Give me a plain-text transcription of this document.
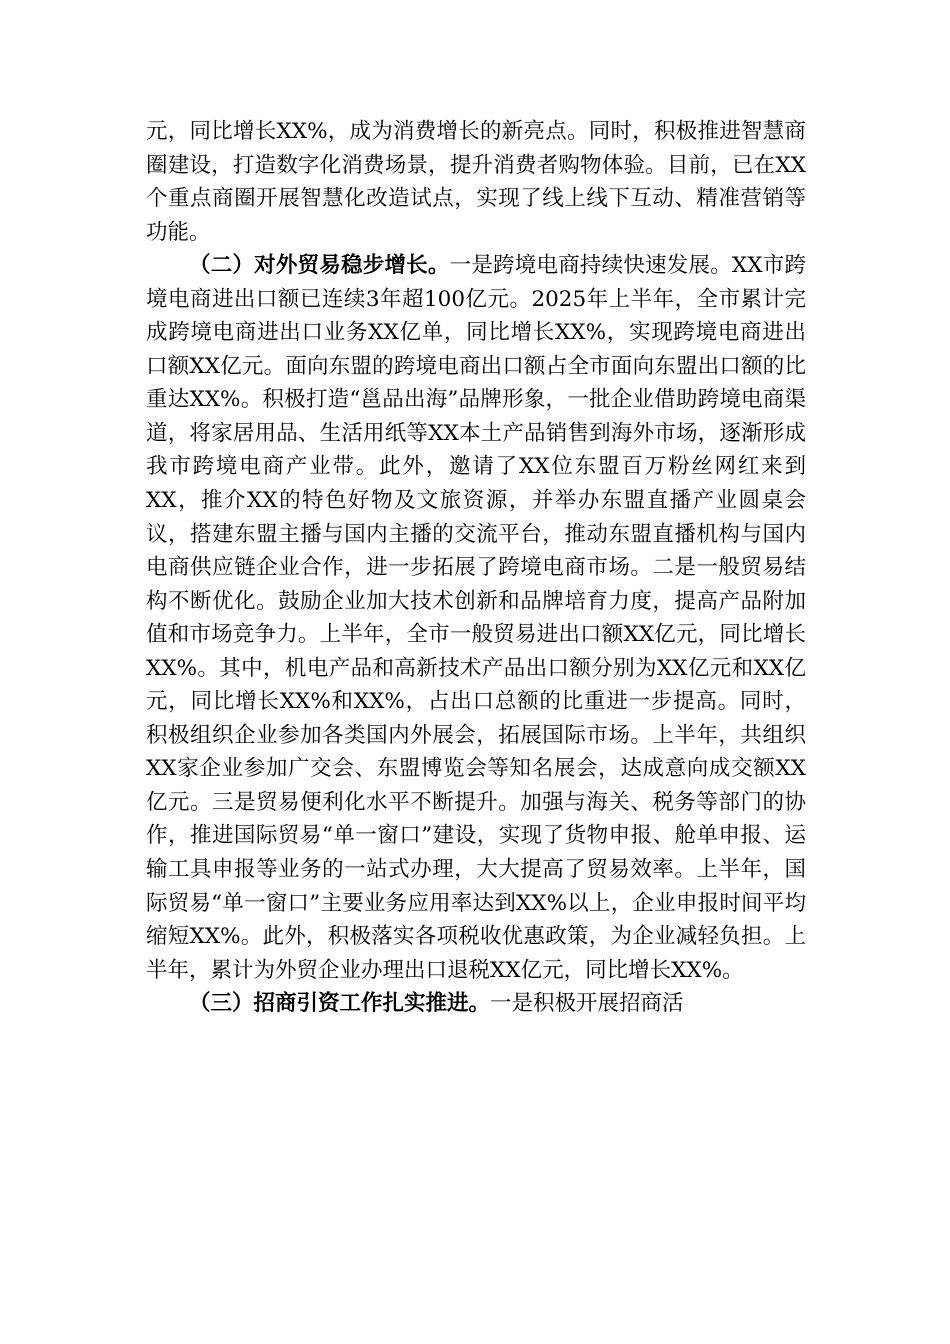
元，同比增长XX%，成为消费增长的新亮点。同时，积极推进智慧商圈建设，打造数字化消费场景，提升消费者购物体验。目前，已在XX个重点商圈开展智慧化改造试点，实现了线上线下互动、精准营销等功能。

（二）对外贸易稳步增长。一是跨境电商持续快速发展。XX市跨境电商进出口额已连续3年超100亿元。2025年上半年，全市累计完成跨境电商进出口业务XX亿单，同比增长XX%，实现跨境电商进出口额XX亿元。面向东盟的跨境电商出口额占全市面向东盟出口额的比重达XX%。积极打造“邕品出海”品牌形象，一批企业借助跨境电商渠道，将家居用品、生活用纸等XX本土产品销售到海外市场，逐渐形成我市跨境电商产业带。此外，邀请了XX位东盟百万粉丝网红来到XX，推介XX的特色好物及文旅资源，并举办东盟直播产业圆桌会议，搭建东盟主播与国内主播的交流平台，推动东盟直播机构与国内电商供应链企业合作，进一步拓展了跨境电商市场。二是一般贸易结构不断优化。鼓励企业加大技术创新和品牌培育力度，提高产品附加值和市场竞争力。上半年，全市一般贸易进出口额XX亿元，同比增长XX%。其中，机电产品和高新技术产品出口额分别为XX亿元和XX亿元，同比增长XX%和XX%，占出口总额的比重进一步提高。同时，积极组织企业参加各类国内外展会，拓展国际市场。上半年，共组织XX家企业参加广交会、东盟博览会等知名展会，达成意向成交额XX亿元。三是贸易便利化水平不断提升。加强与海关、税务等部门的协作，推进国际贸易“单一窗口”建设，实现了货物申报、舱单申报、运输工具申报等业务的一站式办理，大大提高了贸易效率。上半年，国际贸易“单一窗口”主要业务应用率达到XX%以上，企业申报时间平均缩短XX%。此外，积极落实各项税收优惠政策，为企业减轻负担。上半年，累计为外贸企业办理出口退税XX亿元，同比增长XX%。

（三）招商引资工作扎实推进。一是积极开展招商活
